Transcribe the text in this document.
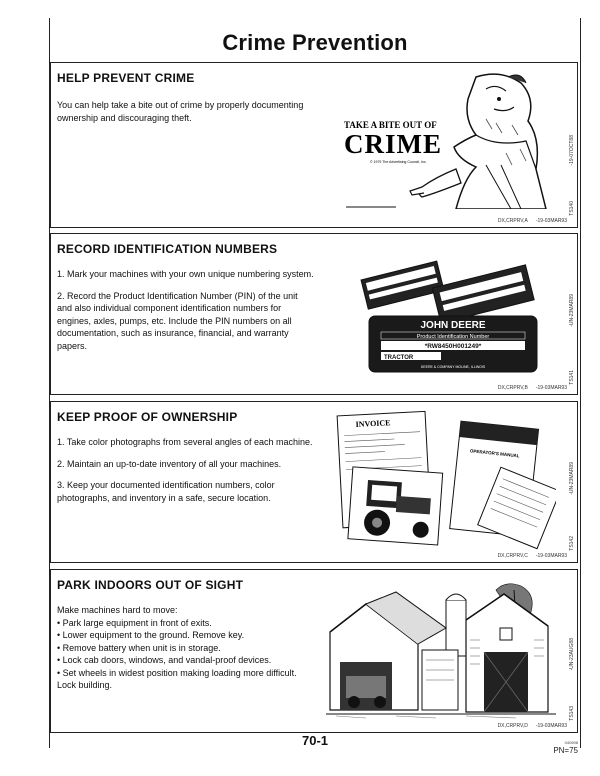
Crime Prevention
HELP PREVENT CRIME

You can help take a bite out of crime by properly documenting ownership and discouraging theft.

TAKE A BITE OUT OF
CRIME
© 1979 The Advertising Council, Inc.	-19-07OCT88
TS140
DX,CRPRV,A -19-03MAR93
RECORD IDENTIFICATION NUMBERS

1. Mark your machines with your own unique numbering system.

2. Record the Product Identification Number (PIN) of the unit and also individual component identification numbers for engines, axles, pumps, etc. Include the PIN numbers on all documentation, such as insurance, financial, and warranty papers.

JOHN DEERE
Product Identification Number
*RW8450H001249*
TRACTOR
DEERE & COMPANY MOLINE, ILLINOIS
-UN-23MAR89
TS141
DX,CRPRV,B -19-03MAR93
KEEP PROOF OF OWNERSHIP

1. Take color photographs from several angles of each machine.

2. Maintain an up-to-date inventory of all your machines.

3. Keep your documented identification numbers, color photographs, and inventory in a safe, secure location.

INVOICE
OPERATOR'S MANUAL
-UN-23MAR89
TS142
DX,CRPRV,C -19-03MAR93
PARK INDOORS OUT OF SIGHT
Make machines hard to move:
• Park large equipment in front of exits.
• Lower equipment to the ground. Remove key.
• Remove battery when unit is in storage.
• Lock cab doors, windows, and vandal-proof devices.
• Set wheels in widest position making loading more difficult. Lock building.
-UN-23AUG88
TS143
DX,CRPRV,D -19-03MAR93
70-1	040698
PN=75
